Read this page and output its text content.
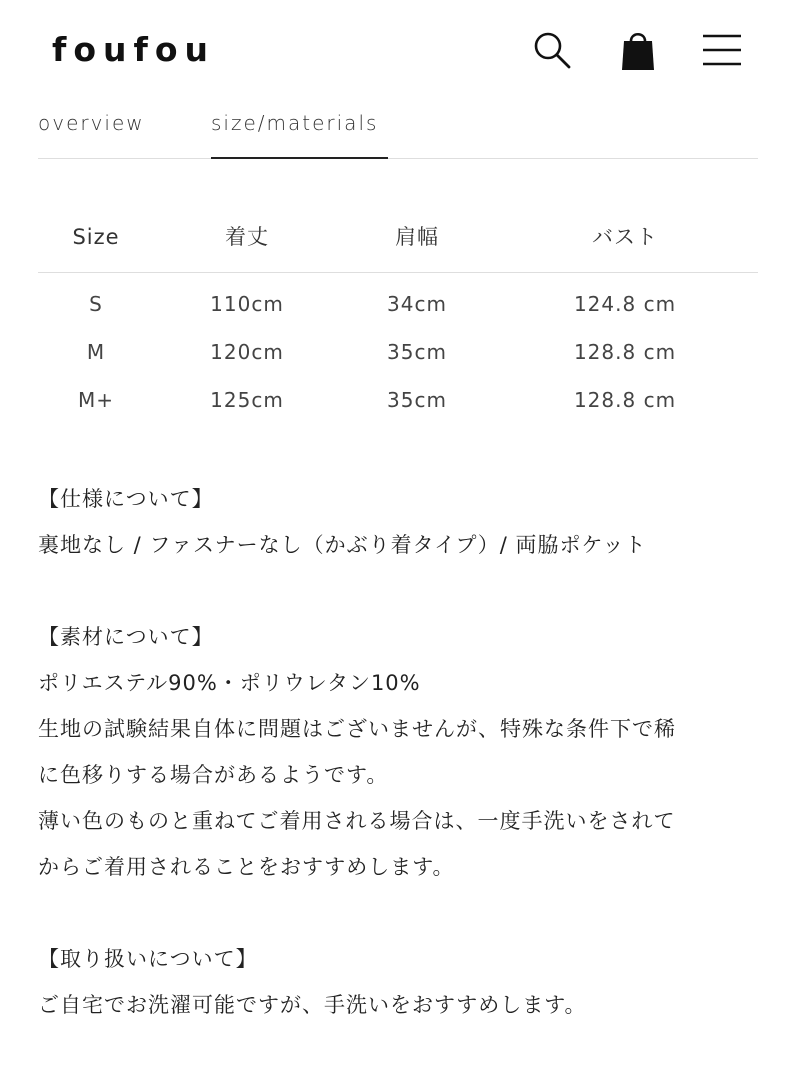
foufou
overview	size/materials
Size	着丈	肩幅	バスト
S	110cm	34cm	124.8 cm
M	120cm	35cm	128.8 cm
M+	125cm	35cm	128.8 cm
【仕様について】
裏地なし / ファスナーなし（かぶり着タイプ）/ 両脇ポケット
【素材について】
ポリエステル90%・ポリウレタン10%
生地の試験結果自体に問題はございませんが、特殊な条件下で稀
に色移りする場合があるようです。
薄い色のものと重ねてご着用される場合は、一度手洗いをされて
からご着用されることをおすすめします。
【取り扱いについて】
ご自宅でお洗濯可能ですが、手洗いをおすすめします。
